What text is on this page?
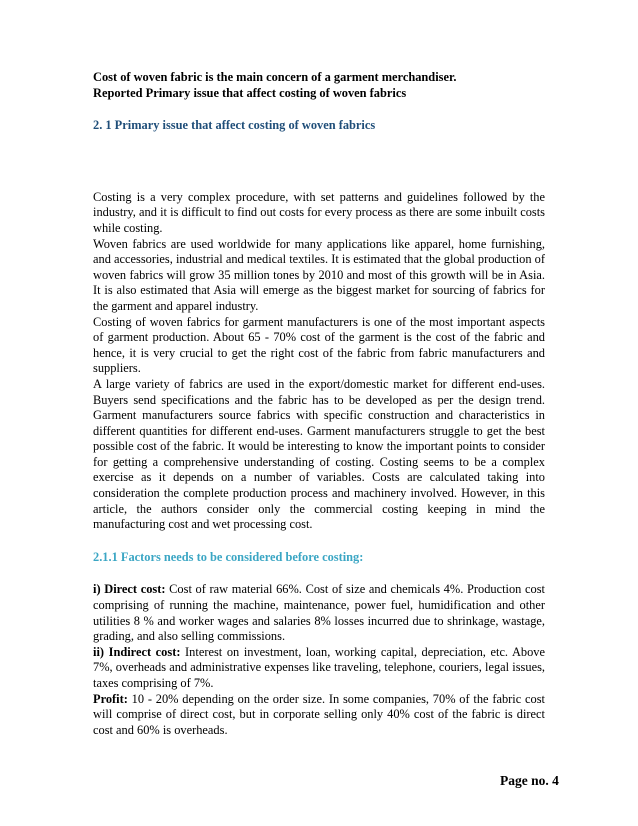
Cost of woven fabric is the main concern of a garment merchandiser.

Reported Primary issue that affect costing of woven fabrics

2. 1 Primary issue that affect costing of woven fabrics

Costing is a very complex procedure, with set patterns and guidelines followed by the industry, and it is difficult to find out costs for every process as there are some inbuilt costs while costing.

Woven fabrics are used worldwide for many applications like apparel, home furnishing, and accessories, industrial and medical textiles. It is estimated that the global production of woven fabrics will grow 35 million tones by 2010 and most of this growth will be in Asia. It is also estimated that Asia will emerge as the biggest market for sourcing of fabrics for the garment and apparel industry.

Costing of woven fabrics for garment manufacturers is one of the most important aspects of garment production. About 65 - 70% cost of the garment is the cost of the fabric and hence, it is very crucial to get the right cost of the fabric from fabric manufacturers and suppliers.

A large variety of fabrics are used in the export/domestic market for different end-uses. Buyers send specifications and the fabric has to be developed as per the design trend. Garment manufacturers source fabrics with specific construction and characteristics in different quantities for different end-uses. Garment manufacturers struggle to get the best possible cost of the fabric. It would be interesting to know the important points to consider for getting a comprehensive understanding of costing. Costing seems to be a complex exercise as it depends on a number of variables. Costs are calculated taking into consideration the complete production process and machinery involved. However, in this article, the authors consider only the commercial costing keeping in mind the manufacturing cost and wet processing cost.

2.1.1 Factors needs to be considered before costing:

i) Direct cost: Cost of raw material 66%. Cost of size and chemicals 4%. Production cost comprising of running the machine, maintenance, power fuel, humidification and other utilities 8 % and worker wages and salaries 8% losses incurred due to shrinkage, wastage, grading, and also selling commissions.

ii) Indirect cost: Interest on investment, loan, working capital, depreciation, etc. Above 7%, overheads and administrative expenses like traveling, telephone, couriers, legal issues, taxes comprising of 7%.

Profit: 10 - 20% depending on the order size. In some companies, 70% of the fabric cost will comprise of direct cost, but in corporate selling only 40% cost of the fabric is direct cost and 60% is overheads.

Page no. 4
